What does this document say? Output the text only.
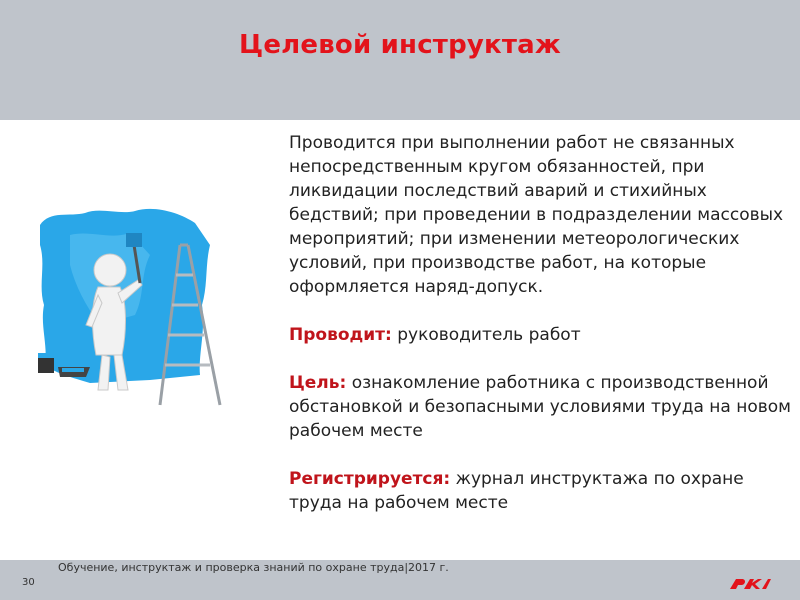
Целевой инструктаж

Проводится при выполнении работ не связанных непосредственным кругом обязанностей, при ликвидации последствий аварий и стихийных бедствий; при проведении в подразделении массовых мероприятий; при изменении метеорологических условий, при производстве работ, на которые оформляется наряд-допуск.

Проводит: руководитель работ

Цель: ознакомление работника с производственной обстановкой и безопасными условиями труда на новом рабочем месте

Регистрируется: журнал инструктажа по охране труда на рабочем месте

30
Обучение, инструктаж и проверка знаний по охране труда|2017 г.
